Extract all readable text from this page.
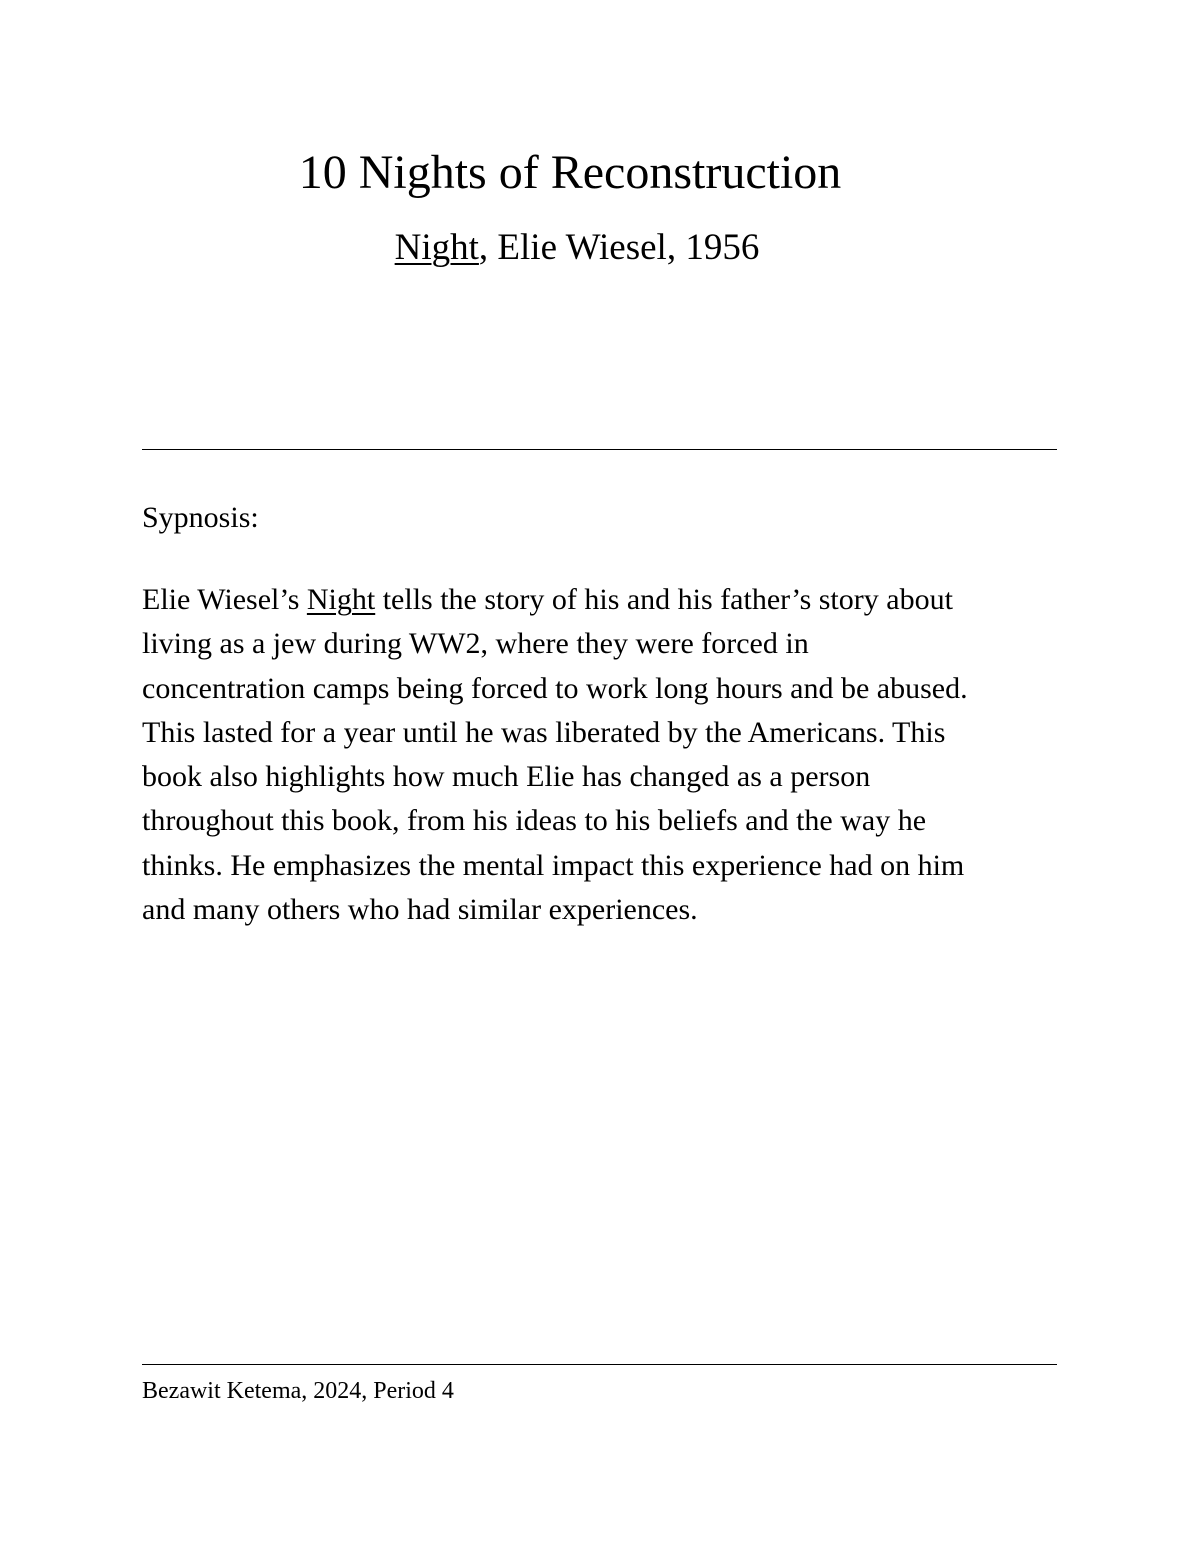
10 Nights of Reconstruction

Night, Elie Wiesel, 1956

Sypnosis:

Elie Wiesel’s Night tells the story of his and his father’s story about
living as a jew during WW2, where they were forced in
concentration camps being forced to work long hours and be abused.
This lasted for a year until he was liberated by the Americans. This
book also highlights how much Elie has changed as a person
throughout this book, from his ideas to his beliefs and the way he
thinks. He emphasizes the mental impact this experience had on him
and many others who had similar experiences.

Bezawit Ketema, 2024, Period 4
